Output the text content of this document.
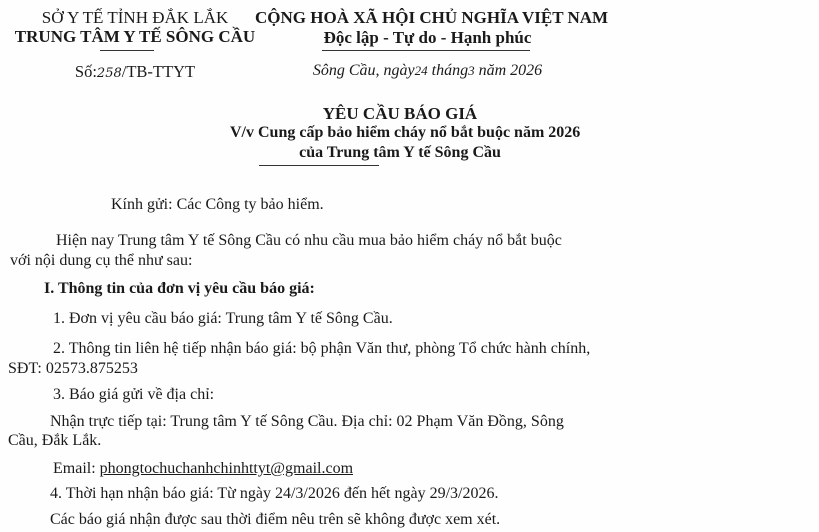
SỞ Y TẾ TỈNH ĐẮK LẮK
TRUNG TÂM Y TẾ SÔNG CẦU
Số:258/TB-TTYT
CỘNG HOÀ XÃ HỘI CHỦ NGHĨA VIỆT NAM
Độc lập - Tự do - Hạnh phúc
Sông Cầu, ngày24 tháng3 năm 2026
YÊU CẦU BÁO GIÁ
V/v Cung cấp bảo hiểm cháy nổ bắt buộc năm 2026
của Trung tâm Y tế Sông Cầu
Kính gửi: Các Công ty bảo hiểm.
Hiện nay Trung tâm Y tế Sông Cầu có nhu cầu mua bảo hiểm cháy nổ bắt buộc
với nội dung cụ thể như sau:
I. Thông tin của đơn vị yêu cầu báo giá:
1. Đơn vị yêu cầu báo giá: Trung tâm Y tế Sông Cầu.
2. Thông tin liên hệ tiếp nhận báo giá: bộ phận Văn thư, phòng Tổ chức hành chính,
SĐT: 02573.875253
3. Báo giá gửi về địa chỉ:
Nhận trực tiếp tại: Trung tâm Y tế Sông Cầu. Địa chỉ: 02 Phạm Văn Đồng, Sông
Cầu, Đắk Lắk.
Email: phongtochuchanhchinhttyt@gmail.com
4. Thời hạn nhận báo giá: Từ ngày 24/3/2026 đến hết ngày 29/3/2026.
Các báo giá nhận được sau thời điểm nêu trên sẽ không được xem xét.
